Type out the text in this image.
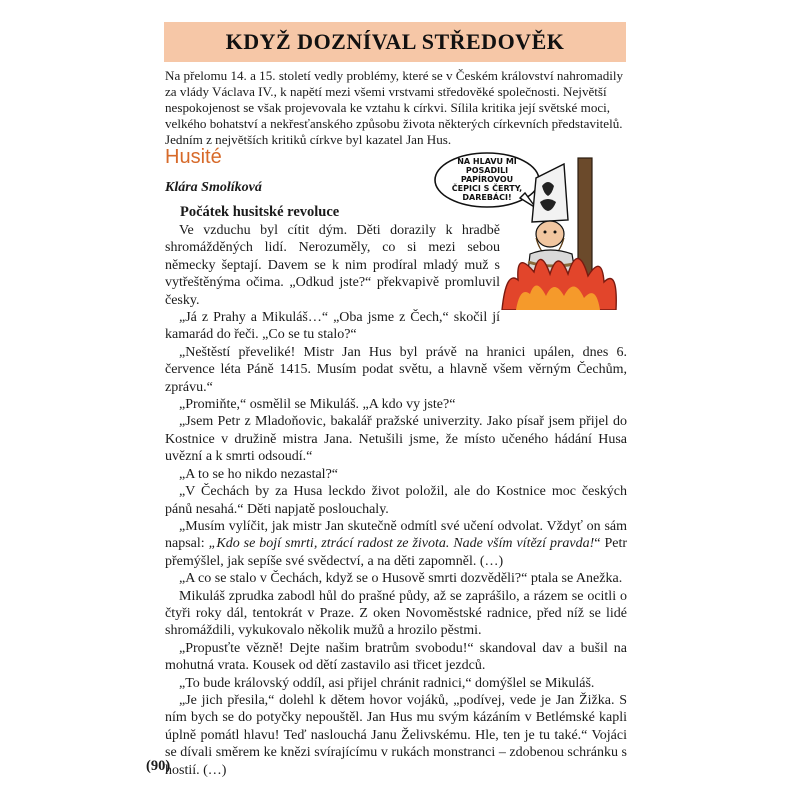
KDYŽ DOZNÍVAL STŘEDOVĚK

Na přelomu 14. a 15. století vedly problémy, které se v Českém království nahromadily za vlády Václava IV., k napětí mezi všemi vrstvami středověké společnosti. Největší nespokojenost se však projevovala ke vztahu k církvi. Sílila kritika její světské moci, velkého bohatství a nekřesťanského způsobu života některých církevních představitelů. Jedním z největších kritiků církve byl kazatel Jan Hus.

Husité

Klára Smolíková

Počátek husitské revoluce

NA HLAVU MI
POSADILI
PAPÍROVOU
ČEPICI S ČERTY,
DAREBÁCI!

Ve vzduchu byl cítit dým. Děti dorazily k hradbě shromážděných lidí. Nerozuměly, co si mezi sebou německy šeptají. Davem se k nim prodíral mladý muž s vytřeštěnýma očima. „Odkud jste?“ překvapivě promluvil česky.

„Já z Prahy a Mikuláš…“ „Oba jsme z Čech,“ skočil jí kamarád do řeči. „Co se tu stalo?“

„Neštěstí převeliké! Mistr Jan Hus byl právě na hranici upálen, dnes 6. července léta Páně 1415. Musím podat světu, a hlavně všem věrným Čechům, zprávu.“

„Promiňte,“ osmělil se Mikuláš. „A kdo vy jste?“

„Jsem Petr z Mladoňovic, bakalář pražské univerzity. Jako písař jsem přijel do Kostnice v družině mistra Jana. Netušili jsme, že místo učeného hádání Husa uvězní a k smrti odsoudí.“

„A to se ho nikdo nezastal?“

„V Čechách by za Husa leckdo život položil, ale do Kostnice moc českých pánů nesahá.“ Děti napjatě poslouchaly.

„Musím vylíčit, jak mistr Jan skutečně odmítl své učení odvolat. Vždyť on sám napsal: „Kdo se bojí smrti, ztrácí radost ze života. Nade vším vítězí pravda!“ Petr přemýšlel, jak sepíše své svědectví, a na děti zapomněl. (…)

„A co se stalo v Čechách, když se o Husově smrti dozvěděli?“ ptala se Anežka.

Mikuláš zprudka zabodl hůl do prašné půdy, až se zaprášilo, a rázem se ocitli o čtyři roky dál, tentokrát v Praze. Z oken Novoměstské radnice, před níž se lidé shromáždili, vykukovalo několik mužů a hrozilo pěstmi.

„Propusťte vězně! Dejte našim bratrům svobodu!“ skandoval dav a bušil na mohutná vrata. Kousek od dětí zastavilo asi třicet jezdců.

„To bude královský oddíl, asi přijel chránit radnici,“ domýšlel se Mikuláš.

„Je jich přesila,“ dolehl k dětem hovor vojáků, „podívej, vede je Jan Žižka. S ním bych se do potyčky nepouštěl. Jan Hus mu svým kázáním v Betlémské kapli úplně pomátl hlavu! Teď naslouchá Janu Želivskému. Hle, ten je tu také.“ Vojáci se dívali směrem ke knězi svírajícímu v rukách monstranci – zdobenou schránku s hostií. (…)

(90)
